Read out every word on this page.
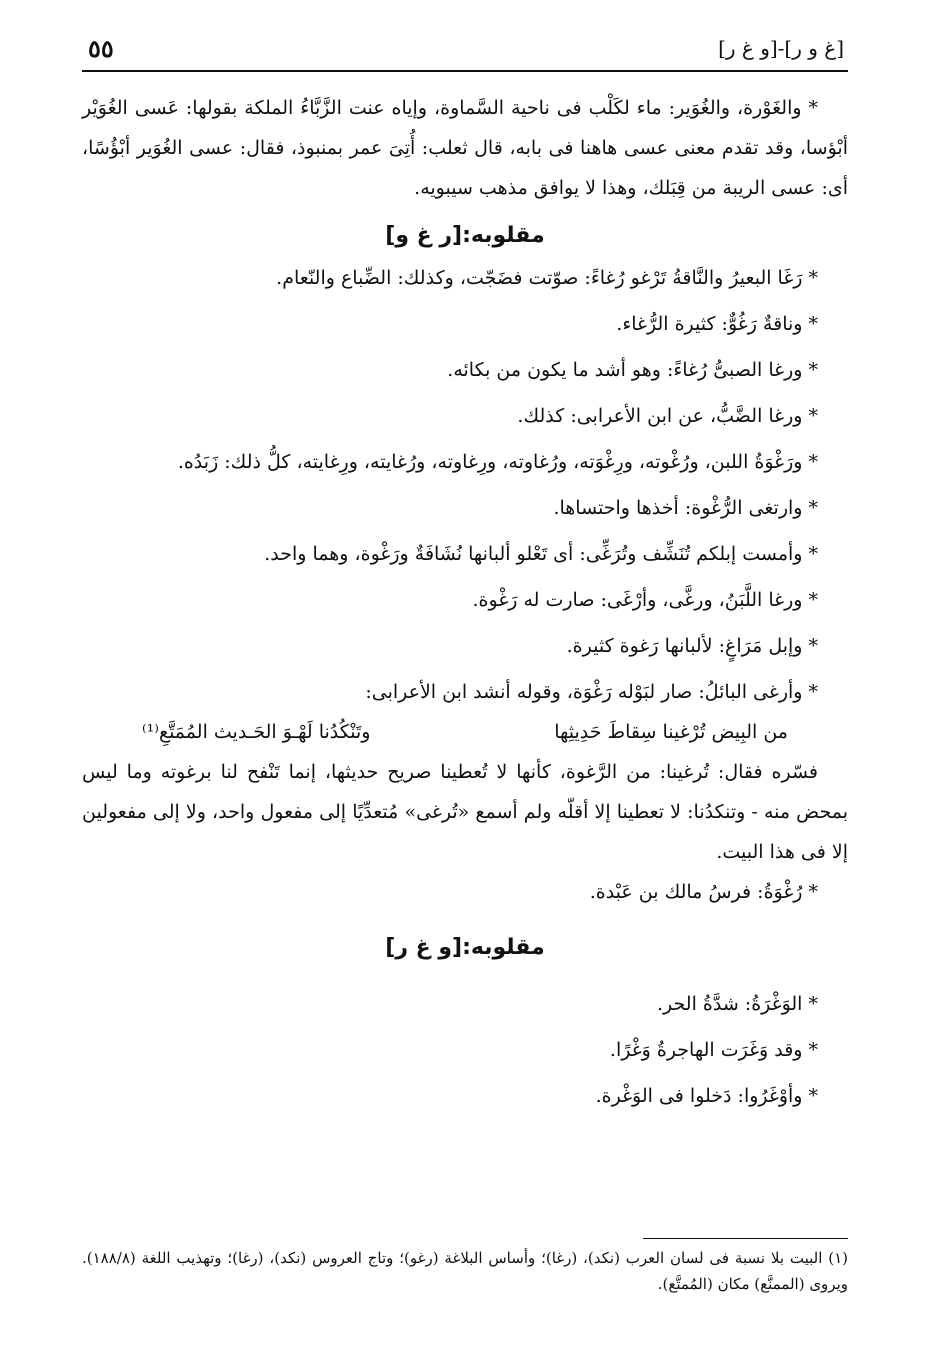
٥٥	[غ و ر]-[و غ ر]

* والغَوْرة، والغُوَير: ماء لكَلْب فى ناحية السَّماوة، وإياه عنت الزَّبَّاءُ الملكة بقولها: عَسى الغُوَيْر أبْؤسا، وقد تقدم معنى عسى هاهنا فى بابه، قال ثعلب: أُتِىَ عمر بمنبوذ، فقال: عسى الغُوَير أبْؤُسًا، أى: عسى الريبة من قِبَلك، وهذا لا يوافق مذهب سيبويه.

مقلوبه:[ر غ و]

* رَغَا البعيرُ والنَّاقةُ تَرْغو رُغاءً: صوّتت فضَجّت، وكذلك: الضِّباع والنّعام.

* وناقةٌ رَغُوٌّ: كثيرة الرُّغاء.

* ورغا الصبىُّ رُغاءً: وهو أشد ما يكون من بكائه.

* ورغا الضَّبُّ، عن ابن الأعرابى: كذلك.

* ورَغْوَةُ اللبن، ورُغْوته، ورِغْوَته، ورُغاوته، ورِغاوته، ورُغايته، ورِغايته، كلُّ ذلك: زَبَدُه.

* وارتغى الرُّغْوة: أخذها واحتساها.

* وأمست إبلكم تُنَشِّف وتُرَغِّى: أى تَعْلو ألبانها نُشَافَةٌ ورَغْوة، وهما واحد.

* ورغا اللَّبَنُ، ورغَّى، وأرْغَى: صارت له رَغْوة.

* وإبل مَرَاغٍ: لألبانها رَغوة كثيرة.

* وأرغى البائلُ: صار لبَوْله رَغْوَة، وقوله أنشد ابن الأعرابى:

من البِيض تُرْغينا سِقاطَ حَدِيثِها
وتَنْكُدُنا لَهْـوَ الحَـديث المُمَتَّعِ⁽¹⁾

فسّره فقال: تُرغينا: من الرَّغوة، كأنها لا تُعطينا صريح حديثها، إنما تَنْفح لنا برغوته وما ليس بمحض منه - وتنكدُنا: لا تعطينا إلا أقلّه ولم أسمع «تُرغى» مُتعدِّيًا إلى مفعول واحد، ولا إلى مفعولين إلا فى هذا البيت.

* رُغْوَةُ: فرسُ مالك بن عَبْدة.

مقلوبه:[و غ ر]

* الوَغْرَةُ: شدَّةُ الحر.

* وقد وَغَرَت الهاجرةُ وَغْرًا.

* وأوْغَرُوا: دَخلوا فى الوَغْرة.

(١) البيت بلا نسبة فى لسان العرب (نكد)، (رغا)؛ وأساس البلاغة (رغو)؛ وتاج العروس (نكد)، (رغا)؛ وتهذيب اللغة (١٨٨/٨). ويروى (الممنَّع) مكان (المُمتَّع).
